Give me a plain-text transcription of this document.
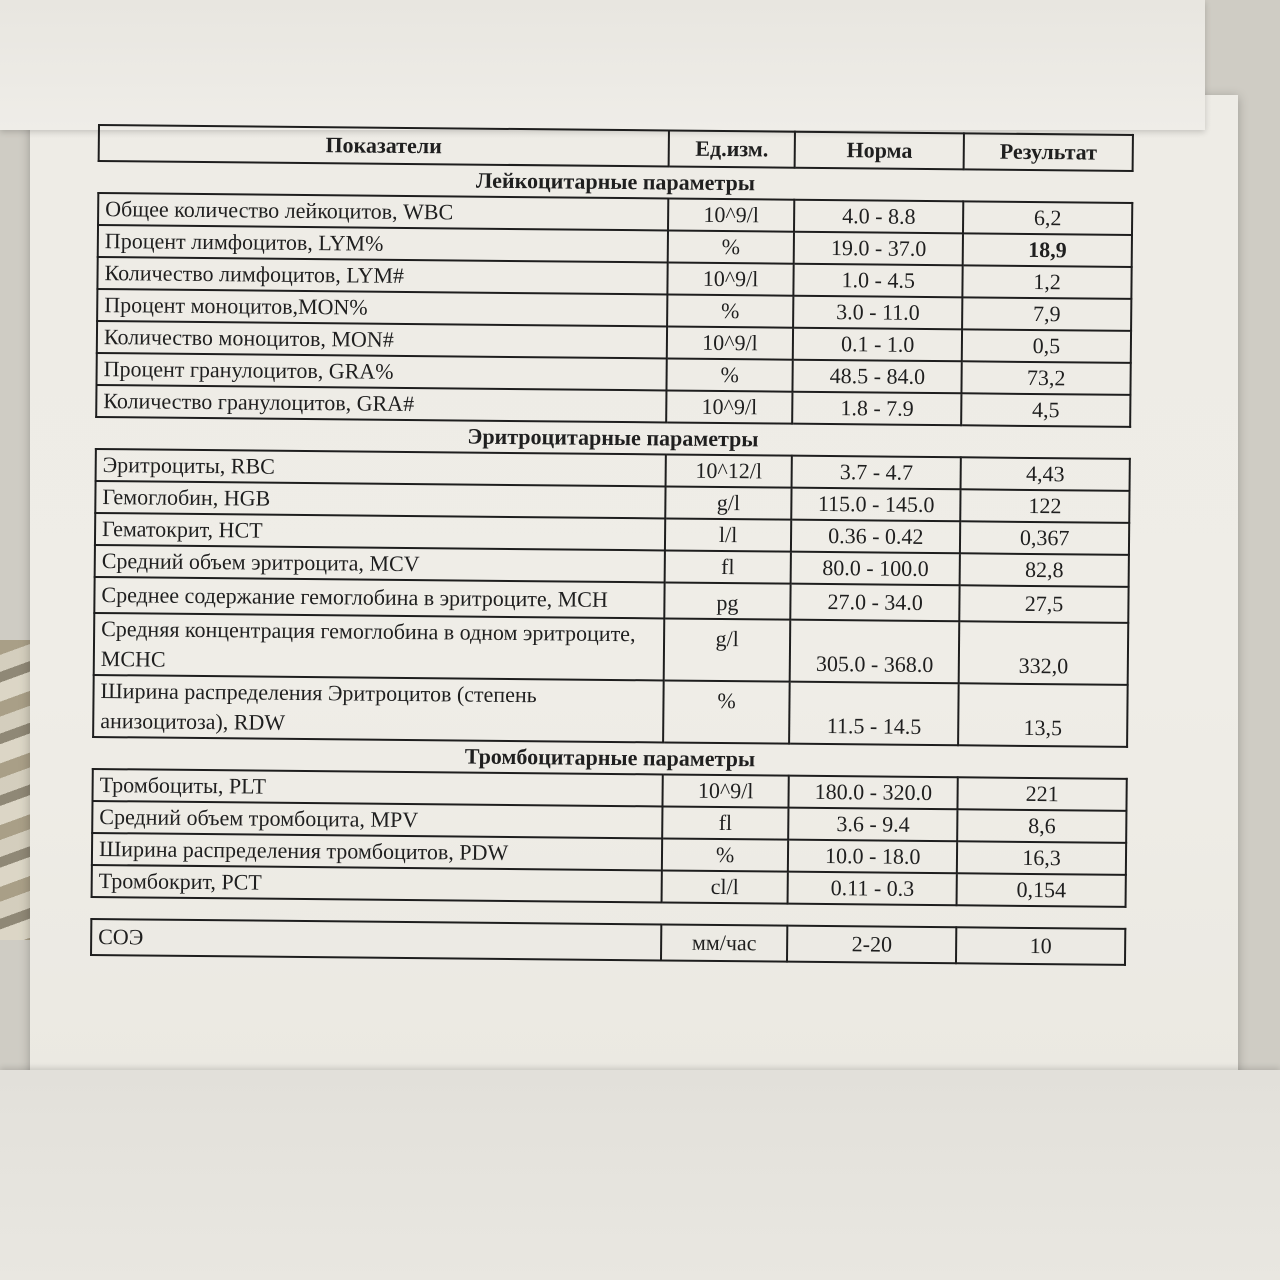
Показатели	Ед.изм.	Норма	Результат
Лейкоцитарные параметры			
Общее количество лейкоцитов, WBC	10^9/l	4.0 - 8.8	6,2
Процент лимфоцитов, LYM%	%	19.0 - 37.0	18,9
Количество лимфоцитов, LYM#	10^9/l	1.0 - 4.5	1,2
Процент моноцитов,MON%	%	3.0 - 11.0	7,9
Количество моноцитов, MON#	10^9/l	0.1 - 1.0	0,5
Процент гранулоцитов, GRA%	%	48.5 - 84.0	73,2
Количество гранулоцитов, GRA#	10^9/l	1.8 - 7.9	4,5
Эритроцитарные параметры			
Эритроциты, RBC	10^12/l	3.7 - 4.7	4,43
Гемоглобин, HGB	g/l	115.0 - 145.0	122
Гематокрит, HCT	l/l	0.36 - 0.42	0,367
Средний объем эритроцита, MCV	fl	80.0 - 100.0	82,8
Среднее содержание гемоглобина в эритроците, MCH	pg	27.0 - 34.0	27,5
Средняя концентрация гемоглобина в одном эритроците, MCHC	g/l	305.0 - 368.0	332,0
Ширина распределения Эритроцитов (степень анизоцитоза), RDW	%	11.5 - 14.5	13,5
Тромбоцитарные параметры			
Тромбоциты, PLT	10^9/l	180.0 - 320.0	221
Средний объем тромбоцита, MPV	fl	3.6 - 9.4	8,6
Ширина распределения тромбоцитов, PDW	%	10.0 - 18.0	16,3
Тромбокрит, PCT	cl/l	0.11 - 0.3	0,154
СОЭ	мм/час	2-20	10
